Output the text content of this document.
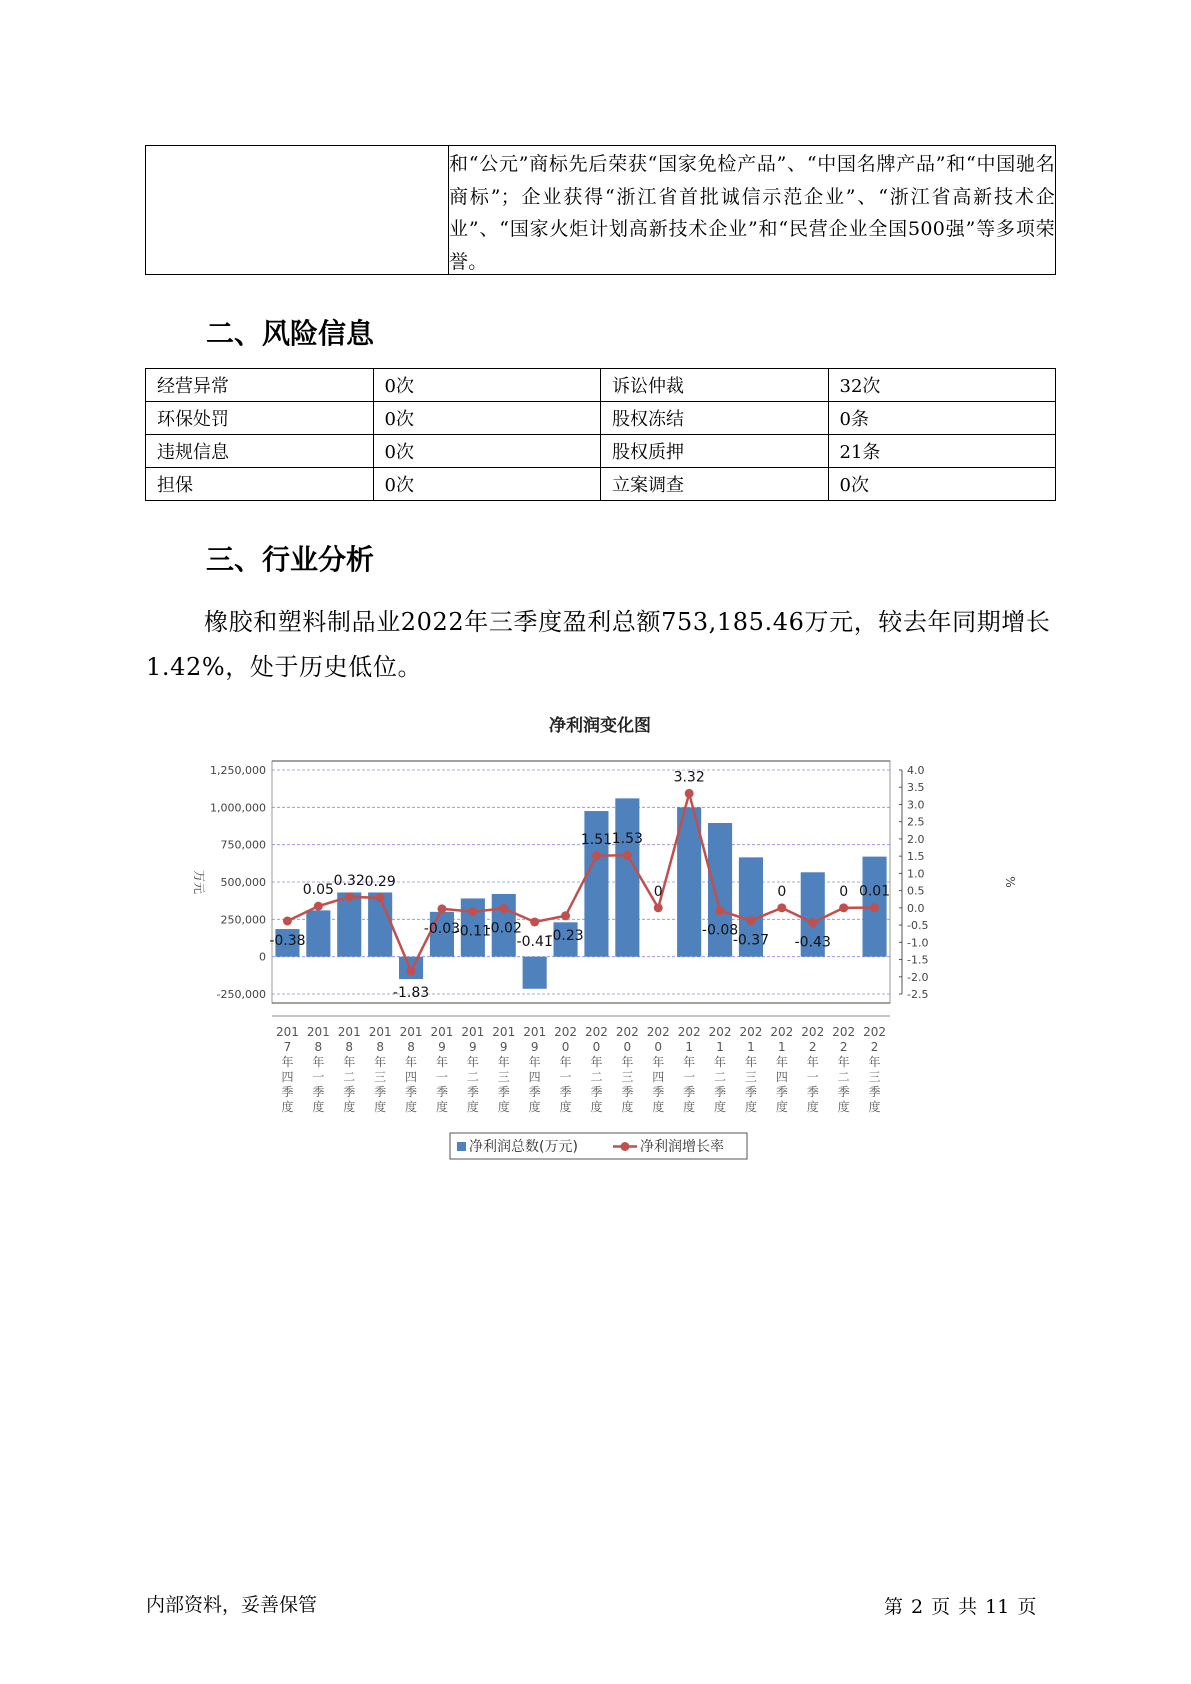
和“公元”商标先后荣获“国家免检产品”、“中国名牌产品”和“中国驰名商标”；企业获得“浙江省首批诚信示范企业”、“浙江省高新技术企业”、“国家火炬计划高新技术企业”和“民营企业全国500强”等多项荣誉。
二、风险信息
经营异常	0次	诉讼仲裁	32次
环保处罚	0次	股权冻结	0条
违规信息	0次	股权质押	21条
担保	0次	立案调查	0次
三、行业分析
橡胶和塑料制品业2022年三季度盈利总额753,185.46万元，较去年同期增长1.42%，处于历史低位。
净利润变化图
1,250,000
1,000,000
750,000
500,000
250,000
0
-250,000
万元
4.0
3.5
3.0
2.5
2.0
1.5
1.0
0.5
0.0
-0.5
-1.0
-1.5
-2.0
-2.5
%
-0.38
0.05
0.32 0.29
-1.83
-0.03
-0.11
-0.02
-0.41
-0.23
1.51 1.53
0
3.32
-0.08
-0.37
0
-0.43
0 0.01
201 7 年四季度
201 8 年一季度
201 8 年二季度
201 8 年三季度
201 8 年四季度
201 9 年一季度
201 9 年二季度
201 9 年三季度
201 9 年四季度
202 0 年一季度
202 0 年二季度
202 0 年三季度
202 0 年四季度
202 1 年一季度
202 1 年二季度
202 1 年三季度
202 1 年四季度
202 2 年一季度
202 2 年二季度
202 2 年三季度
净利润总数(万元)	净利润增长率
内部资料，妥善保管	第 2 页 共 11 页
